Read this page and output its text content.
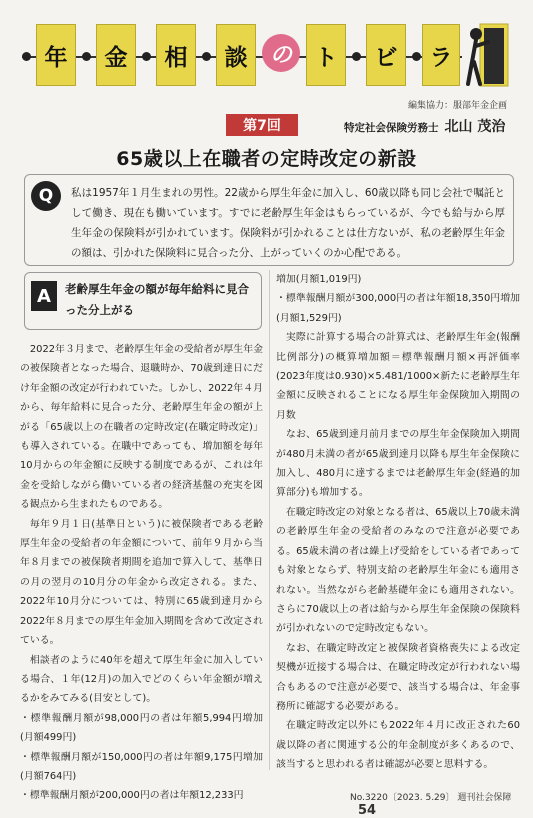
年	金	相	談	の ト	ビ	ラ
編集協力：服部年金企画
第7回	特定社会保険労務士 北山 茂治
65歳以上在職者の定時改定の新設
Q	私は1957年１月生まれの男性。22歳から厚生年金に加入し、60歳以降も同じ会社で嘱託として働き、現在も働いています。すでに老齢厚生年金はもらっているが、今でも給与から厚生年金の保険料が引かれています。保険料が引かれることは仕方ないが、私の老齢厚生年金の額は、引かれた保険料に見合った分、上がっていくのか心配である。
A	老齢厚生年金の額が毎年給料に見合った分上がる

2022年３月まで、老齢厚生年金の受給者が厚生年金の被保険者となった場合、退職時か、70歳到達日にだけ年金額の改定が行われていた。しかし、2022年４月から、毎年給料に見合った分、老齢厚生年金の額が上がる「65歳以上の在職者の定時改定(在職定時改定)」も導入されている。在職中であっても、増加額を毎年10月からの年金額に反映する制度であるが、これは年金を受給しながら働いている者の経済基盤の充実を図る観点から生まれたものである。

毎年９月１日(基準日という)に被保険者である老齢厚生年金の受給者の年金額について、前年９月から当年８月までの被保険者期間を追加で算入して、基準日の月の翌月の10月分の年金から改定される。また、2022年10月分については、特別に65歳到達月から2022年８月までの厚生年金加入期間を含めて改定されている。

相談者のように40年を超えて厚生年金に加入している場合、１年(12月)の加入でどのくらい年金額が増えるかをみてみる(目安として)。

・標準報酬月額が98,000円の者は年額5,994円増加(月額499円)

・標準報酬月額が150,000円の者は年額9,175円増加(月額764円)

・標準報酬月額が200,000円の者は年額12,233円

増加(月額1,019円)

・標準報酬月額が300,000円の者は年額18,350円増加(月額1,529円)

実際に計算する場合の計算式は、老齢厚生年金(報酬比例部分)の概算増加額＝標準報酬月額×再評価率(2023年度は0.930)×5.481/1000×新たに老齢厚生年金額に反映されることになる厚生年金保険加入期間の月数

なお、65歳到達月前月までの厚生年金保険加入期間が480月未満の者が65歳到達月以降も厚生年金保険に加入し、480月に達するまでは老齢厚生年金(経過的加算部分)も増加する。

在職定時改定の対象となる者は、65歳以上70歳未満の老齢厚生年金の受給者のみなので注意が必要である。65歳未満の者は繰上げ受給をしている者であっても対象とならず、特別支給の老齢厚生年金にも適用されない。当然ながら老齢基礎年金にも適用されない。さらに70歳以上の者は給与から厚生年金保険の保険料が引かれないので定時改定もない。

なお、在職定時改定と被保険者資格喪失による改定契機が近接する場合は、在職定時改定が行われない場合もあるので注意が必要で、該当する場合は、年金事務所に確認する必要がある。

在職定時改定以外にも2022年４月に改正された60歳以降の者に関連する公的年金制度が多くあるので、該当すると思われる者は確認が必要と思料する。

No.3220〔2023. 5.29〕 週刊社会保障54
